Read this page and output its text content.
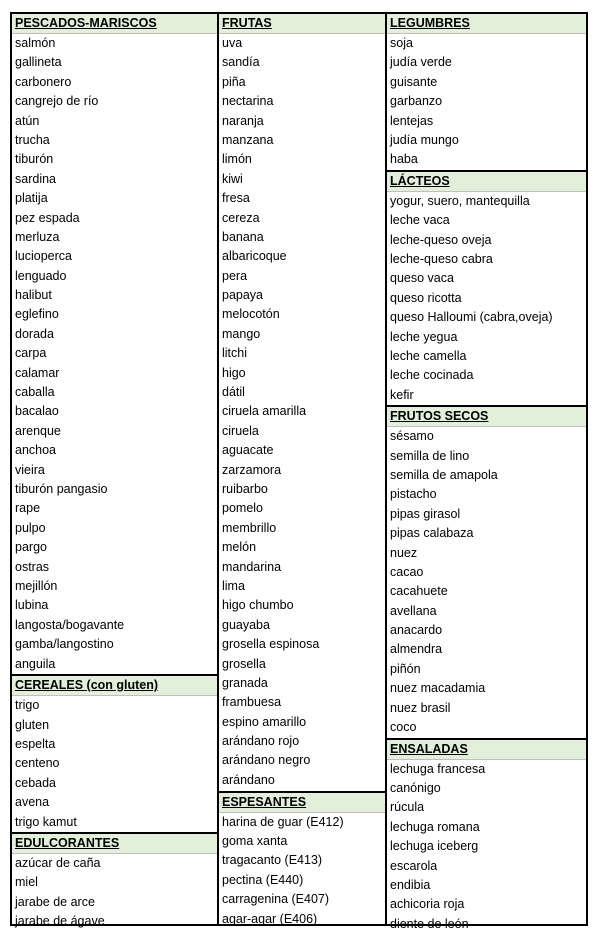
PESCADOS-MARISCOS
salmón
gallineta
carbonero
cangrejo de río
atún
trucha
tiburón
sardina
platija
pez espada
merluza
lucioperca
lenguado
halibut
eglefino
dorada
carpa
calamar
caballa
bacalao
arenque
anchoa
vieira
tiburón pangasio
rape
pulpo
pargo
ostras
mejillón
lubina
langosta/bogavante
gamba/langostino
anguila
CEREALES (con gluten)
trigo
gluten
espelta
centeno
cebada
avena
trigo kamut
EDULCORANTES
azúcar de caña
miel
jarabe de arce
jarabe de ágave
FRUTAS
uva
sandía
piña
nectarina
naranja
manzana
limón
kiwi
fresa
cereza
banana
albaricoque
pera
papaya
melocotón
mango
litchi
higo
dátil
ciruela amarilla
ciruela
aguacate
zarzamora
ruibarbo
pomelo
membrillo
melón
mandarina
lima
higo chumbo
guayaba
grosella espinosa
grosella
granada
frambuesa
espino amarillo
arándano rojo
arándano negro
arándano
ESPESANTES
harina de guar (E412)
goma xanta
tragacanto (E413)
pectina (E440)
carragenina (E407)
agar-agar (E406)
LEGUMBRES
soja
judía verde
guisante
garbanzo
lentejas
judía mungo
haba
LÁCTEOS
yogur, suero, mantequilla
leche vaca
leche-queso oveja
leche-queso cabra
queso vaca
queso ricotta
queso Halloumi (cabra,oveja)
leche yegua
leche camella
leche cocinada
kefir
FRUTOS SECOS
sésamo
semilla de lino
semilla de amapola
pistacho
pipas girasol
pipas calabaza
nuez
cacao
cacahuete
avellana
anacardo
almendra
piñón
nuez macadamia
nuez brasil
coco
ENSALADAS
lechuga francesa
canónigo
rúcula
lechuga romana
lechuga iceberg
escarola
endibia
achicoria roja
diente de león
